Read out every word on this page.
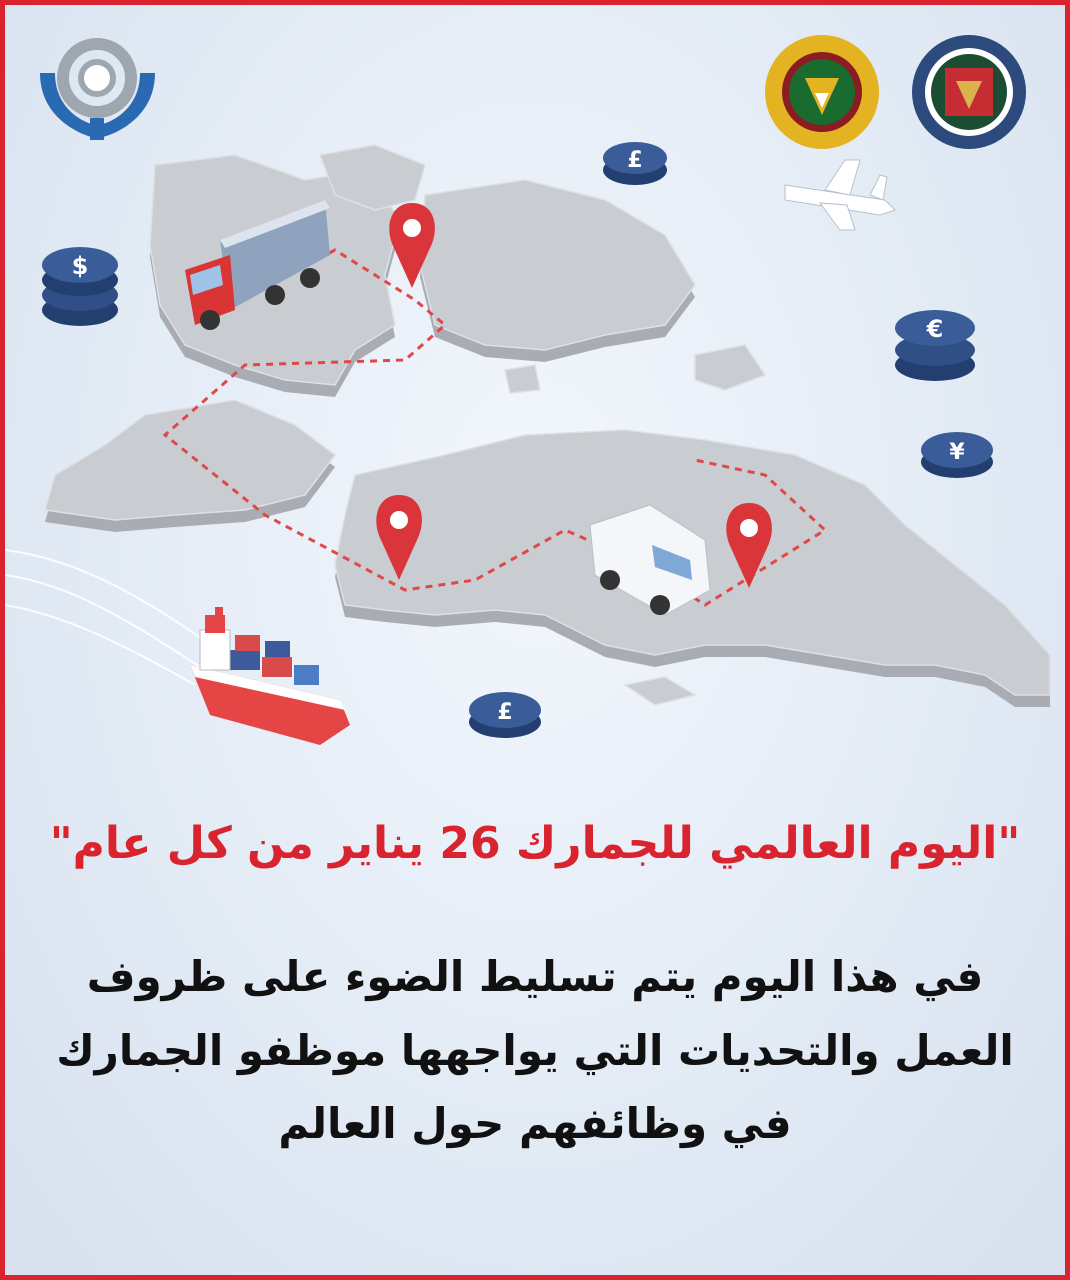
$
£
€
¥
£
"اليوم العالمي للجمارك 26 يناير من كل عام"
في هذا اليوم يتم تسليط الضوء على ظروف
العمل والتحديات التي يواجهها موظفو الجمارك
في وظائفهم حول العالم
